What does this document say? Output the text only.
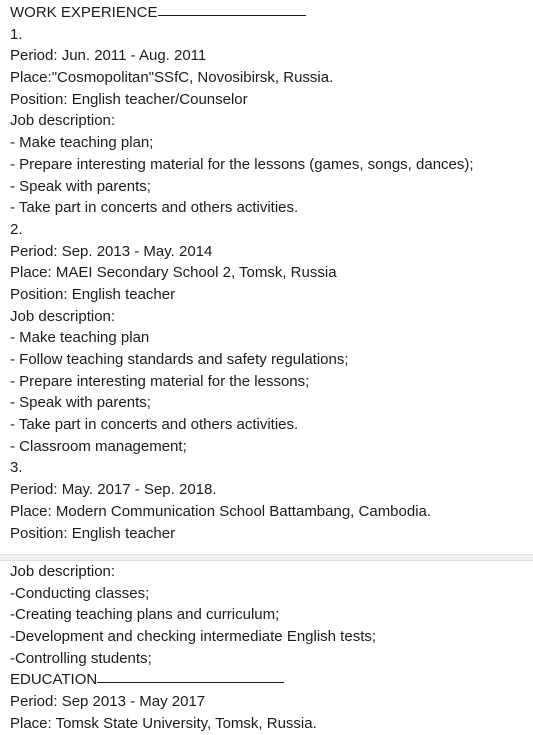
WORK EXPERIENCE
1.
Period: Jun. 2011 - Aug. 2011
Place:"Cosmopolitan"SSfC, Novosibirsk, Russia.
Position: English teacher/Counselor
Job description:
- Make teaching plan;
- Prepare interesting material for the lessons (games, songs, dances);
- Speak with parents;
- Take part in concerts and others activities.
2.
Period: Sep. 2013 - May. 2014
Place: MAEI Secondary School 2, Tomsk, Russia
Position: English teacher
Job description:
- Make teaching plan
- Follow teaching standards and safety regulations;
- Prepare interesting material for the lessons;
- Speak with parents;
- Take part in concerts and others activities.
- Classroom management;
3.
Period: May. 2017 - Sep. 2018.
Place: Modern Communication School Battambang, Cambodia.
Position: English teacher
Job description:
-Conducting classes;
-Creating teaching plans and curriculum;
-Development and checking intermediate English tests;
-Controlling students;
EDUCATION
Period: Sep 2013 - May 2017
Place: Tomsk State University, Tomsk, Russia.
